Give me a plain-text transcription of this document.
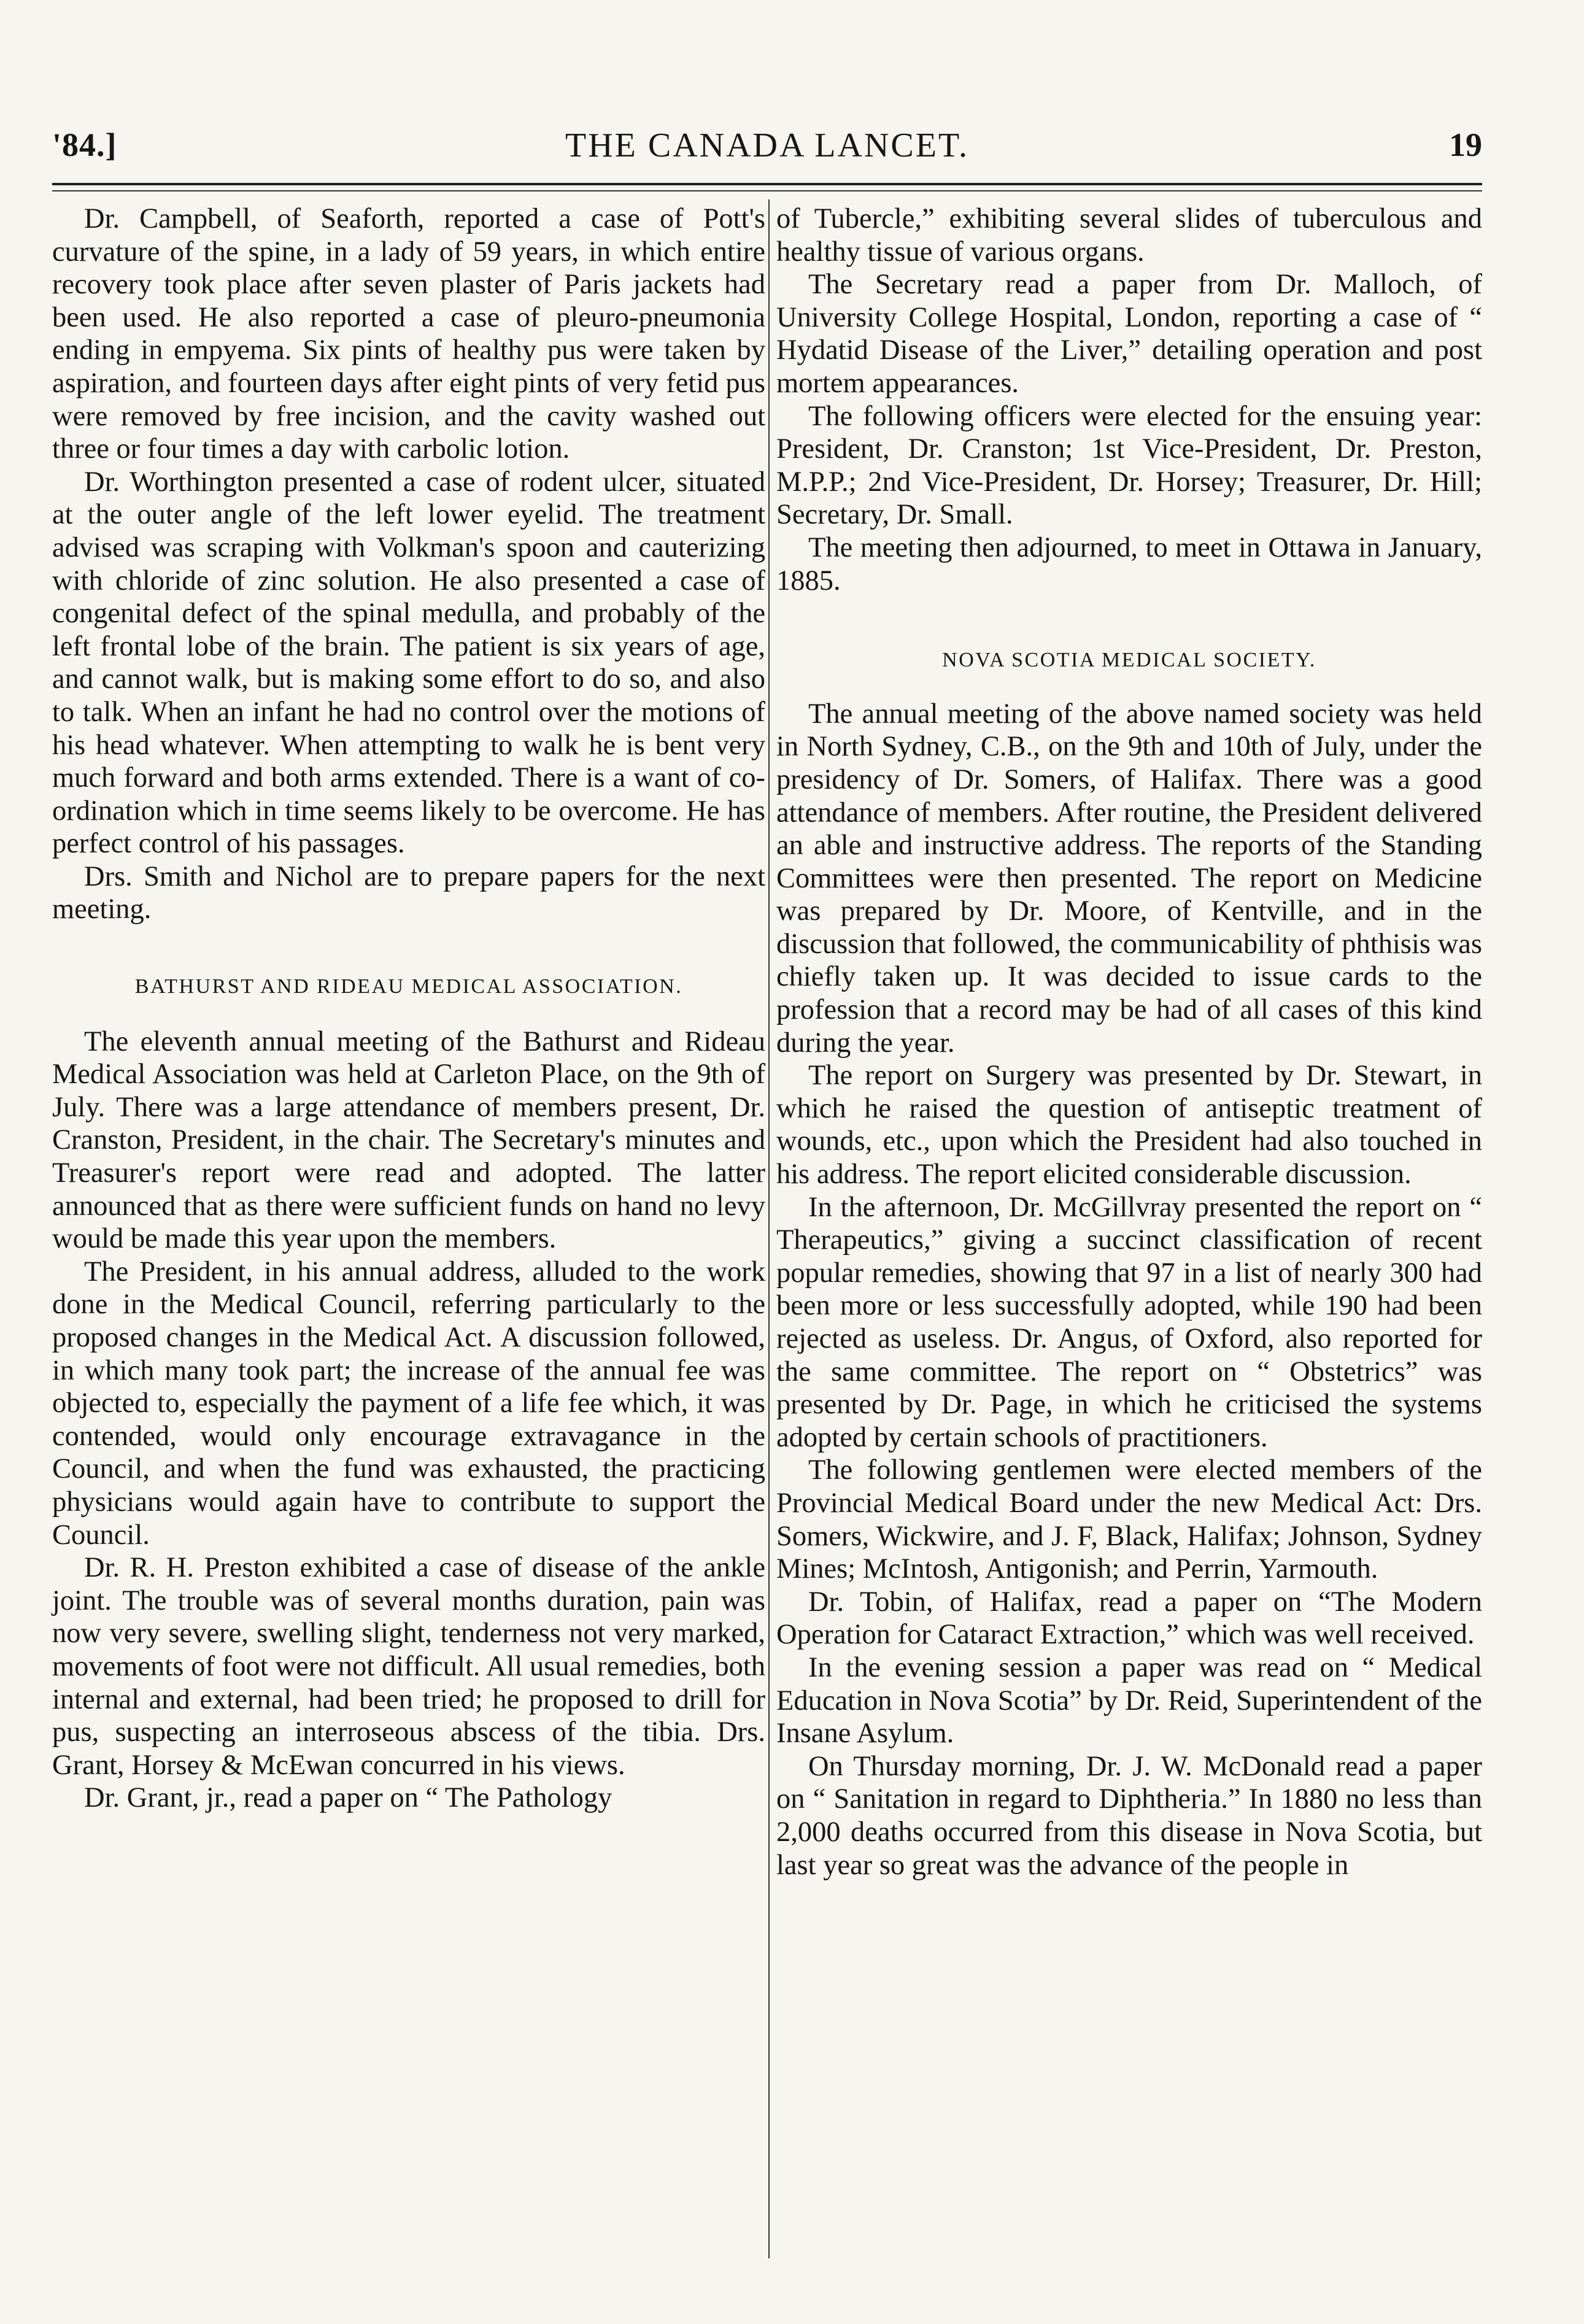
'84.]	THE CANADA LANCET.	19

Dr. Campbell, of Seaforth, reported a case of Pott's curvature of the spine, in a lady of 59 years, in which entire recovery took place after seven plaster of Paris jackets had been used. He also reported a case of pleuro-pneumonia ending in empyema. Six pints of healthy pus were taken by aspiration, and fourteen days after eight pints of very fetid pus were removed by free incision, and the cavity washed out three or four times a day with carbolic lotion.

Dr. Worthington presented a case of rodent ulcer, situated at the outer angle of the left lower eyelid. The treatment advised was scraping with Volkman's spoon and cauterizing with chloride of zinc solution. He also presented a case of congenital defect of the spinal medulla, and probably of the left frontal lobe of the brain. The patient is six years of age, and cannot walk, but is making some effort to do so, and also to talk. When an infant he had no control over the motions of his head whatever. When attempting to walk he is bent very much forward and both arms extended. There is a want of co-ordination which in time seems likely to be overcome. He has perfect control of his passages.

Drs. Smith and Nichol are to prepare papers for the next meeting.

BATHURST AND RIDEAU MEDICAL ASSOCIATION.

The eleventh annual meeting of the Bathurst and Rideau Medical Association was held at Carleton Place, on the 9th of July. There was a large attendance of members present, Dr. Cranston, President, in the chair. The Secretary's minutes and Treasurer's report were read and adopted. The latter announced that as there were sufficient funds on hand no levy would be made this year upon the members.

The President, in his annual address, alluded to the work done in the Medical Council, referring particularly to the proposed changes in the Medical Act. A discussion followed, in which many took part; the increase of the annual fee was objected to, especially the payment of a life fee which, it was contended, would only encourage extravagance in the Council, and when the fund was exhausted, the practicing physicians would again have to contribute to support the Council.

Dr. R. H. Preston exhibited a case of disease of the ankle joint. The trouble was of several months duration, pain was now very severe, swelling slight, tenderness not very marked, movements of foot were not difficult. All usual remedies, both internal and external, had been tried; he proposed to drill for pus, suspecting an interroseous abscess of the tibia. Drs. Grant, Horsey & McEwan concurred in his views.

Dr. Grant, jr., read a paper on “ The Pathology

of Tubercle,” exhibiting several slides of tuberculous and healthy tissue of various organs.

The Secretary read a paper from Dr. Malloch, of University College Hospital, London, reporting a case of “ Hydatid Disease of the Liver,” detailing operation and post mortem appearances.

The following officers were elected for the ensuing year: President, Dr. Cranston; 1st Vice-President, Dr. Preston, M.P.P.; 2nd Vice-President, Dr. Horsey; Treasurer, Dr. Hill; Secretary, Dr. Small.

The meeting then adjourned, to meet in Ottawa in January, 1885.

NOVA SCOTIA MEDICAL SOCIETY.

The annual meeting of the above named society was held in North Sydney, C.B., on the 9th and 10th of July, under the presidency of Dr. Somers, of Halifax. There was a good attendance of members. After routine, the President delivered an able and instructive address. The reports of the Standing Committees were then presented. The report on Medicine was prepared by Dr. Moore, of Kentville, and in the discussion that followed, the communicability of phthisis was chiefly taken up. It was decided to issue cards to the profession that a record may be had of all cases of this kind during the year.

The report on Surgery was presented by Dr. Stewart, in which he raised the question of antiseptic treatment of wounds, etc., upon which the President had also touched in his address. The report elicited considerable discussion.

In the afternoon, Dr. McGillvray presented the report on “ Therapeutics,” giving a succinct classification of recent popular remedies, showing that 97 in a list of nearly 300 had been more or less successfully adopted, while 190 had been rejected as useless. Dr. Angus, of Oxford, also reported for the same committee. The report on “ Obstetrics” was presented by Dr. Page, in which he criticised the systems adopted by certain schools of practitioners.

The following gentlemen were elected members of the Provincial Medical Board under the new Medical Act: Drs. Somers, Wickwire, and J. F, Black, Halifax; Johnson, Sydney Mines; McIntosh, Antigonish; and Perrin, Yarmouth.

Dr. Tobin, of Halifax, read a paper on “The Modern Operation for Cataract Extraction,” which was well received.

In the evening session a paper was read on “ Medical Education in Nova Scotia” by Dr. Reid, Superintendent of the Insane Asylum.

On Thursday morning, Dr. J. W. McDonald read a paper on “ Sanitation in regard to Diphtheria.” In 1880 no less than 2,000 deaths occurred from this disease in Nova Scotia, but last year so great was the advance of the people in
